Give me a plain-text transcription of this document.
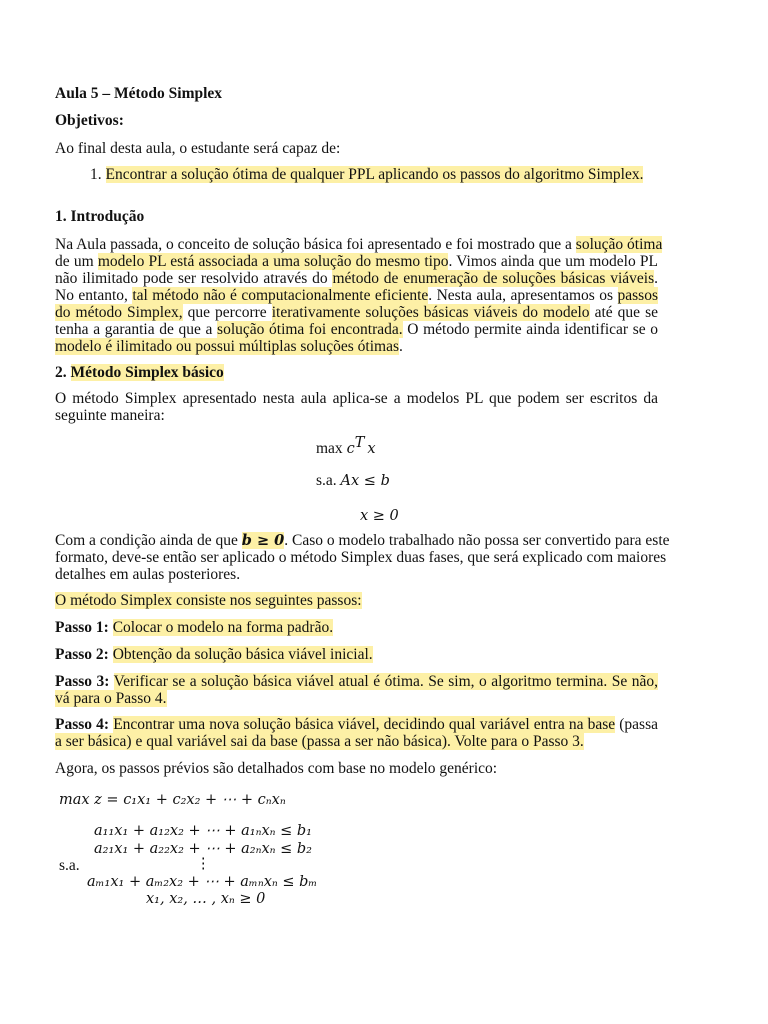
Aula 5 – Método Simplex
Objetivos:
Ao final desta aula, o estudante será capaz de:
1. Encontrar a solução ótima de qualquer PPL aplicando os passos do algoritmo Simplex.
1. Introdução
Na Aula passada, o conceito de solução básica foi apresentado e foi mostrado que a solução ótima
de um modelo PL está associada a uma solução do mesmo tipo. Vimos ainda que um modelo PL
não ilimitado pode ser resolvido através do método de enumeração de soluções básicas viáveis.
No entanto, tal método não é computacionalmente eficiente. Nesta aula, apresentamos os passos
do método Simplex, que percorre iterativamente soluções básicas viáveis do modelo até que se
tenha a garantia de que a solução ótima foi encontrada. O método permite ainda identificar se o
modelo é ilimitado ou possui múltiplas soluções ótimas.
2. Método Simplex básico
O método Simplex apresentado nesta aula aplica-se a modelos PL que podem ser escritos da
seguinte maneira:
$\max c^T$ x
s.a. Ax ≤ b
x ≥ 0
Com a condição ainda de que b ≥ 0. Caso o modelo trabalhado não possa ser convertido para este
formato, deve-se então ser aplicado o método Simplex duas fases, que será explicado com maiores
detalhes em aulas posteriores.
O método Simplex consiste nos seguintes passos:
Passo 1: Colocar o modelo na forma padrão.
Passo 2: Obtenção da solução básica viável inicial.
Passo 3: Verificar se a solução básica viável atual é ótima. Se sim, o algoritmo termina. Se não,
vá para o Passo 4.
Passo 4: Encontrar uma nova solução básica viável, decidindo qual variável entra na base (passa
a ser básica) e qual variável sai da base (passa a ser não básica). Volte para o Passo 3.
Agora, os passos prévios são detalhados com base no modelo genérico:
max z = c₁x₁ + c₂x₂ + ⋯ + cₙxₙ
a₁₁x₁ + a₁₂x₂ + ⋯ + a₁ₙxₙ ≤ b₁
a₂₁x₁ + a₂₂x₂ + ⋯ + a₂ₙxₙ ≤ b₂
s.a.	⋮
aₘ₁x₁ + aₘ₂x₂ + ⋯ + aₘₙxₙ ≤ bₘ
x₁, x₂, … , xₙ ≥ 0
